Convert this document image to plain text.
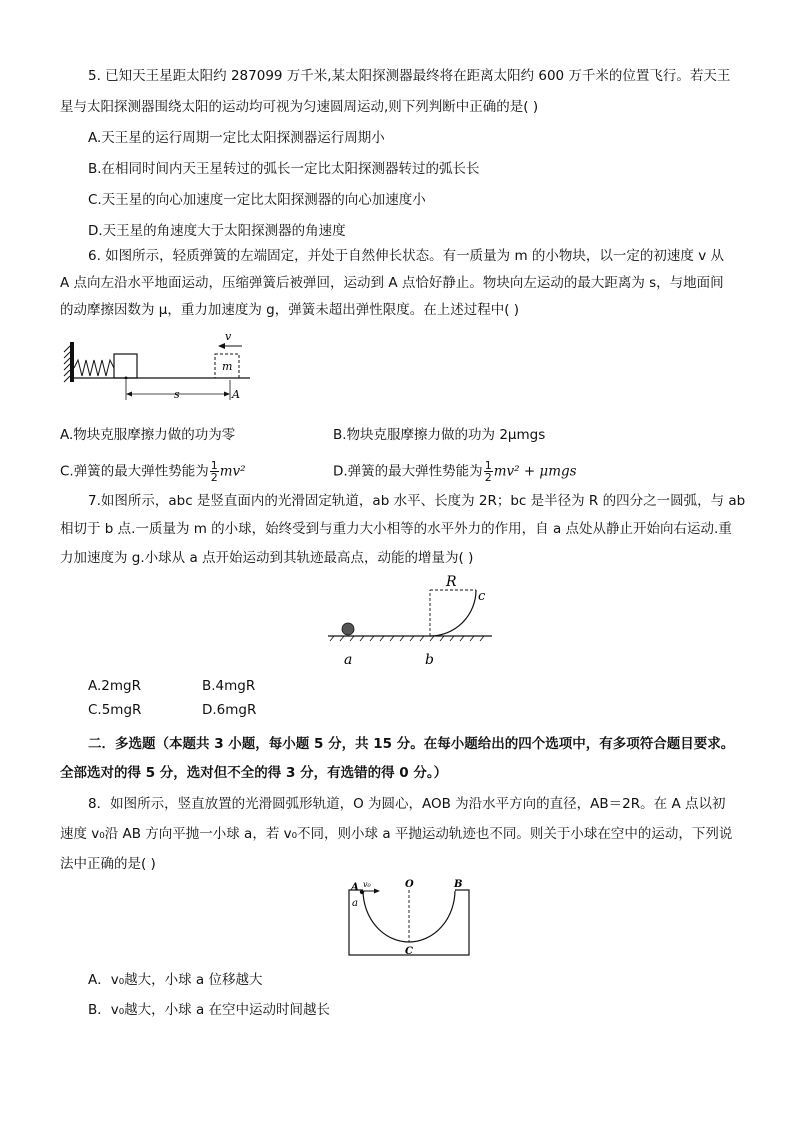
5. 已知天王星距太阳约 287099 万千米,某太阳探测器最终将在距离太阳约 600 万千米的位置飞行。若天王
星与太阳探测器围绕太阳的运动均可视为匀速圆周运动,则下列判断中正确的是( )
A.天王星的运行周期一定比太阳探测器运行周期小
B.在相同时间内天王星转过的弧长一定比太阳探测器转过的弧长长
C.天王星的向心加速度一定比太阳探测器的向心加速度小
D.天王星的角速度大于太阳探测器的角速度
6. 如图所示，轻质弹簧的左端固定，并处于自然伸长状态。有一质量为 m 的小物块，以一定的初速度 v 从
A 点向左沿水平地面运动，压缩弹簧后被弹回，运动到 A 点恰好静止。物块向左运动的最大距离为 s，与地面间
的动摩擦因数为 μ，重力加速度为 g，弹簧未超出弹性限度。在上述过程中( )
m
v
s	A
A.物块克服摩擦力做的功为零	B.物块克服摩擦力做的功为 2μmgs
C.弹簧的最大弹性势能为 $\frac{1}{2} mv^2$	D.弹簧的最大弹性势能为 $\frac{1}{2} mv^2 + \mu mgs$
7.如图所示，abc 是竖直面内的光滑固定轨道，ab 水平、长度为 2R；bc 是半径为 R 的四分之一圆弧，与 ab
相切于 b 点.一质量为 m 的小球，始终受到与重力大小相等的水平外力的作用，自 a 点处从静止开始向右运动.重
力加速度为 g.小球从 a 点开始运动到其轨迹最高点，动能的增量为( )
R
c
a	b
A.2mgR	B.4mgR
C.5mgR	D.6mgR
二．多选题（本题共 3 小题，每小题 5 分，共 15 分。在每小题给出的四个选项中，有多项符合题目要求。
全部选对的得 5 分，选对但不全的得 3 分，有选错的得 0 分。）
8．如图所示，竖直放置的光滑圆弧形轨道，O 为圆心，AOB 为沿水平方向的直径，AB＝2R。在 A 点以初
速度 v₀沿 AB 方向平抛一小球 a，若 v₀不同，则小球 a 平抛运动轨迹也不同。则关于小球在空中的运动，下列说
法中正确的是( )
A v₀	O	B
a
C
A．v₀越大，小球 a 位移越大
B．v₀越大，小球 a 在空中运动时间越长
